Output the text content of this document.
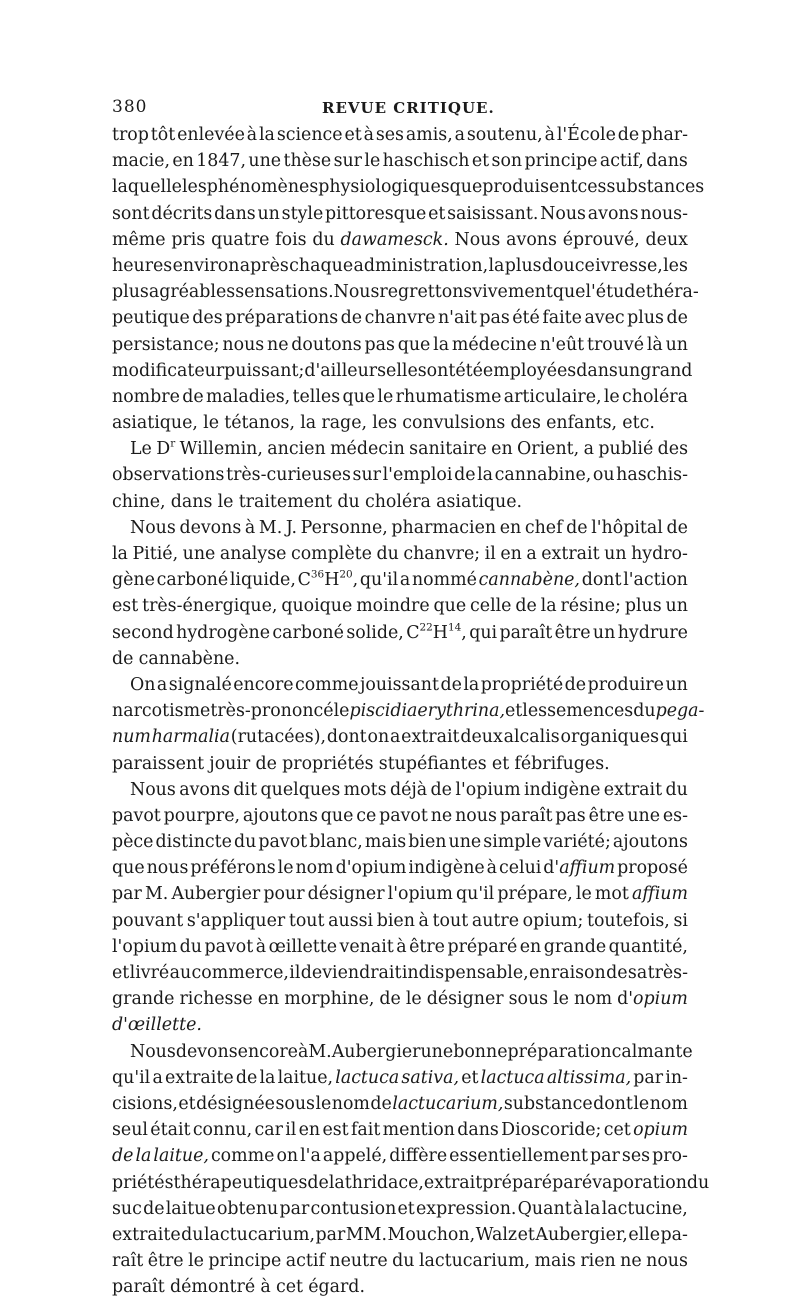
380	REVUE CRITIQUE.
trop tôt enlevée à la science et à ses amis, a soutenu, à l'École de phar-
macie, en 1847, une thèse sur le haschisch et son principe actif, dans
laquelle les phénomènes physiologiques que produisent ces substances
sont décrits dans un style pittoresque et saisissant. Nous avons nous-
même pris quatre fois du dawamesck. Nous avons éprouvé, deux
heures environ après chaque administration, la plus douce ivresse, les
plus agréables sensations. Nous regrettons vivement que l'étude théra-
peutique des préparations de chanvre n'ait pas été faite avec plus de
persistance; nous ne doutons pas que la médecine n'eût trouvé là un
modificateur puissant; d'ailleurs elles ont été employées dans un grand
nombre de maladies, telles que le rhumatisme articulaire, le choléra
asiatique, le tétanos, la rage, les convulsions des enfants, etc.
Le $D^r$ Willemin, ancien médecin sanitaire en Orient, a publié des
observations très-curieuses sur l'emploi de la cannabine, ou haschis-
chine, dans le traitement du choléra asiatique.
Nous devons à M. J. Personne, pharmacien en chef de l'hôpital de
la Pitié, une analyse complète du chanvre; il en a extrait un hydro-
gène carboné liquide, $C^{36}H^{20}$, qu'il a nommé cannabène, dont l'action
est très-énergique, quoique moindre que celle de la résine; plus un
second hydrogène carboné solide, $C^{22}H^{14}$, qui paraît être un hydrure
de cannabène.
On a signalé encore comme jouissant de la propriété de produire un
narcotisme très-prononcé le piscidia erythrina, et les semences du pega-
num harmalia (rutacées), dont on a extrait deux alcalis organiques qui
paraissent jouir de propriétés stupéfiantes et fébrifuges.
Nous avons dit quelques mots déjà de l'opium indigène extrait du
pavot pourpre, ajoutons que ce pavot ne nous paraît pas être une es-
pèce distincte du pavot blanc, mais bien une simple variété; ajoutons
que nous préférons le nom d'opium indigène à celui d'affium proposé
par M. Aubergier pour désigner l'opium qu'il prépare, le mot affium
pouvant s'appliquer tout aussi bien à tout autre opium; toutefois, si
l'opium du pavot à œillette venait à être préparé en grande quantité,
et livré au commerce, il deviendrait indispensable, en raison de sa très-
grande richesse en morphine, de le désigner sous le nom d'opium
d'œillette.
Nous devons encore à M. Aubergier une bonne préparation calmante
qu'il a extraite de la laitue, lactuca sativa, et lactuca altissima, par in-
cisions, et désignée sous le nom de lactucarium, substance dont le nom
seul était connu, car il en est fait mention dans Dioscoride; cet opium
de la laitue, comme on l'a appelé, diffère essentiellement par ses pro-
priétés thérapeutiques de la thridace, extrait préparé par évaporation du
suc de laitue obtenu par contusion et expression. Quant à la lactucine,
extraite du lactucarium, par MM. Mouchon, Walz et Aubergier, elle pa-
raît être le principe actif neutre du lactucarium, mais rien ne nous
paraît démontré à cet égard.
